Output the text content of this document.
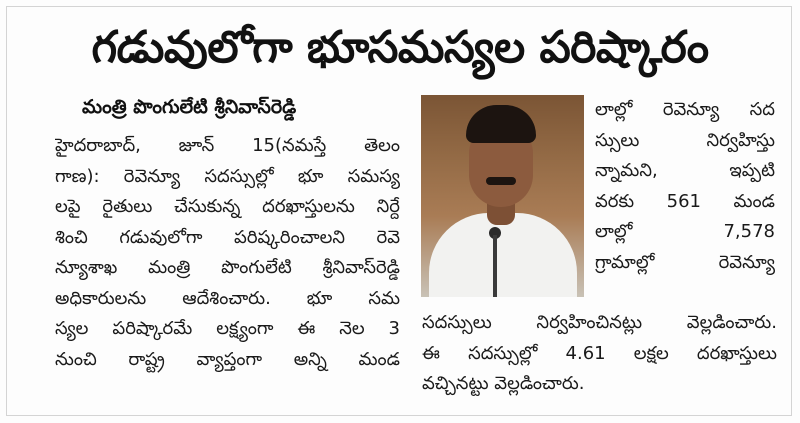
గడువులోగా భూసమస్యల పరిష్కారం
మంత్రి పొంగులేటి శ్రీనివాస్‌రెడ్డి
హైదరాబాద్‌, జూన్‌ 15(నమస్తే తెలం
గాణ): రెవెన్యూ సదస్సుల్లో భూ సమస్య
లపై రైతులు చేసుకున్న దరఖాస్తులను నిర్దే
శించి గడువులోగా పరిష్కరించాలని రెవె
న్యూశాఖ మంత్రి పొంగులేటి శ్రీనివాస్‌రెడ్డి
అధికారులను ఆదేశించారు. భూ సమ
స్యల పరిష్కారమే లక్ష్యంగా ఈ నెల 3
నుంచి రాష్ట్ర వ్యాప్తంగా అన్ని మండ
లాల్లో రెవెన్యూ సద
స్సులు నిర్వహిస్తు
న్నామని, ఇప్పటి
వరకు 561 మండ
లాల్లో 7,578
గ్రామాల్లో రెవెన్యూ
సదస్సులు నిర్వహించినట్లు వెల్లడించారు.
ఈ సదస్సుల్లో 4.61 లక్షల దరఖాస్తులు
వచ్చినట్టు వెల్లడించారు.
